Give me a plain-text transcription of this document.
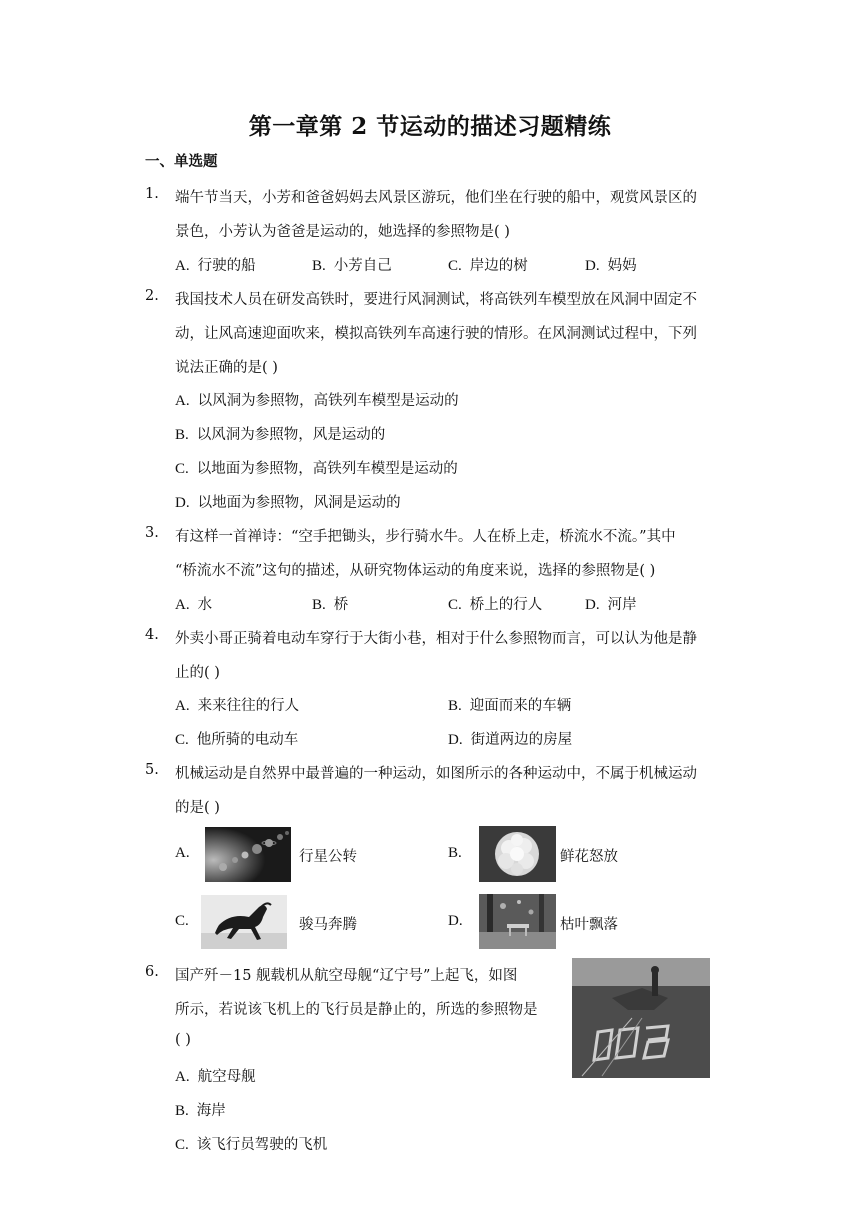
第一章第 2 节运动的描述习题精练
一、单选题
1. 端午节当天，小芳和爸爸妈妈去风景区游玩，他们坐在行驶的船中，观赏风景区的
景色，小芳认为爸爸是运动的，她选择的参照物是( )
A. 行驶的船	B. 小芳自己	C. 岸边的树	D. 妈妈
2. 我国技术人员在研发高铁时，要进行风洞测试，将高铁列车模型放在风洞中固定不
动，让风高速迎面吹来，模拟高铁列车高速行驶的情形。在风洞测试过程中，下列
说法正确的是( )
A. 以风洞为参照物，高铁列车模型是运动的
B. 以风洞为参照物，风是运动的
C. 以地面为参照物，高铁列车模型是运动的
D. 以地面为参照物，风洞是运动的
3. 有这样一首禅诗：“空手把锄头，步行骑水牛。人在桥上走，桥流水不流。”其中
“桥流水不流”这句的描述，从研究物体运动的角度来说，选择的参照物是( )
A. 水	B. 桥	C. 桥上的行人	D. 河岸
4. 外卖小哥正骑着电动车穿行于大街小巷，相对于什么参照物而言，可以认为他是静
止的( )
A. 来来往往的行人	B. 迎面而来的车辆
C. 他所骑的电动车	D. 街道两边的房屋
5. 机械运动是自然界中最普遍的一种运动，如图所示的各种运动中，不属于机械运动
的是( )
A.	行星公转	B.	鲜花怒放
C.	骏马奔腾	D.	枯叶飘落
6. 国产歼－15 舰载机从航空母舰“辽宁号”上起飞，如图
所示，若说该飞机上的飞行员是静止的，所选的参照物是
( )
A. 航空母舰
B. 海岸
C. 该飞行员驾驶的飞机
